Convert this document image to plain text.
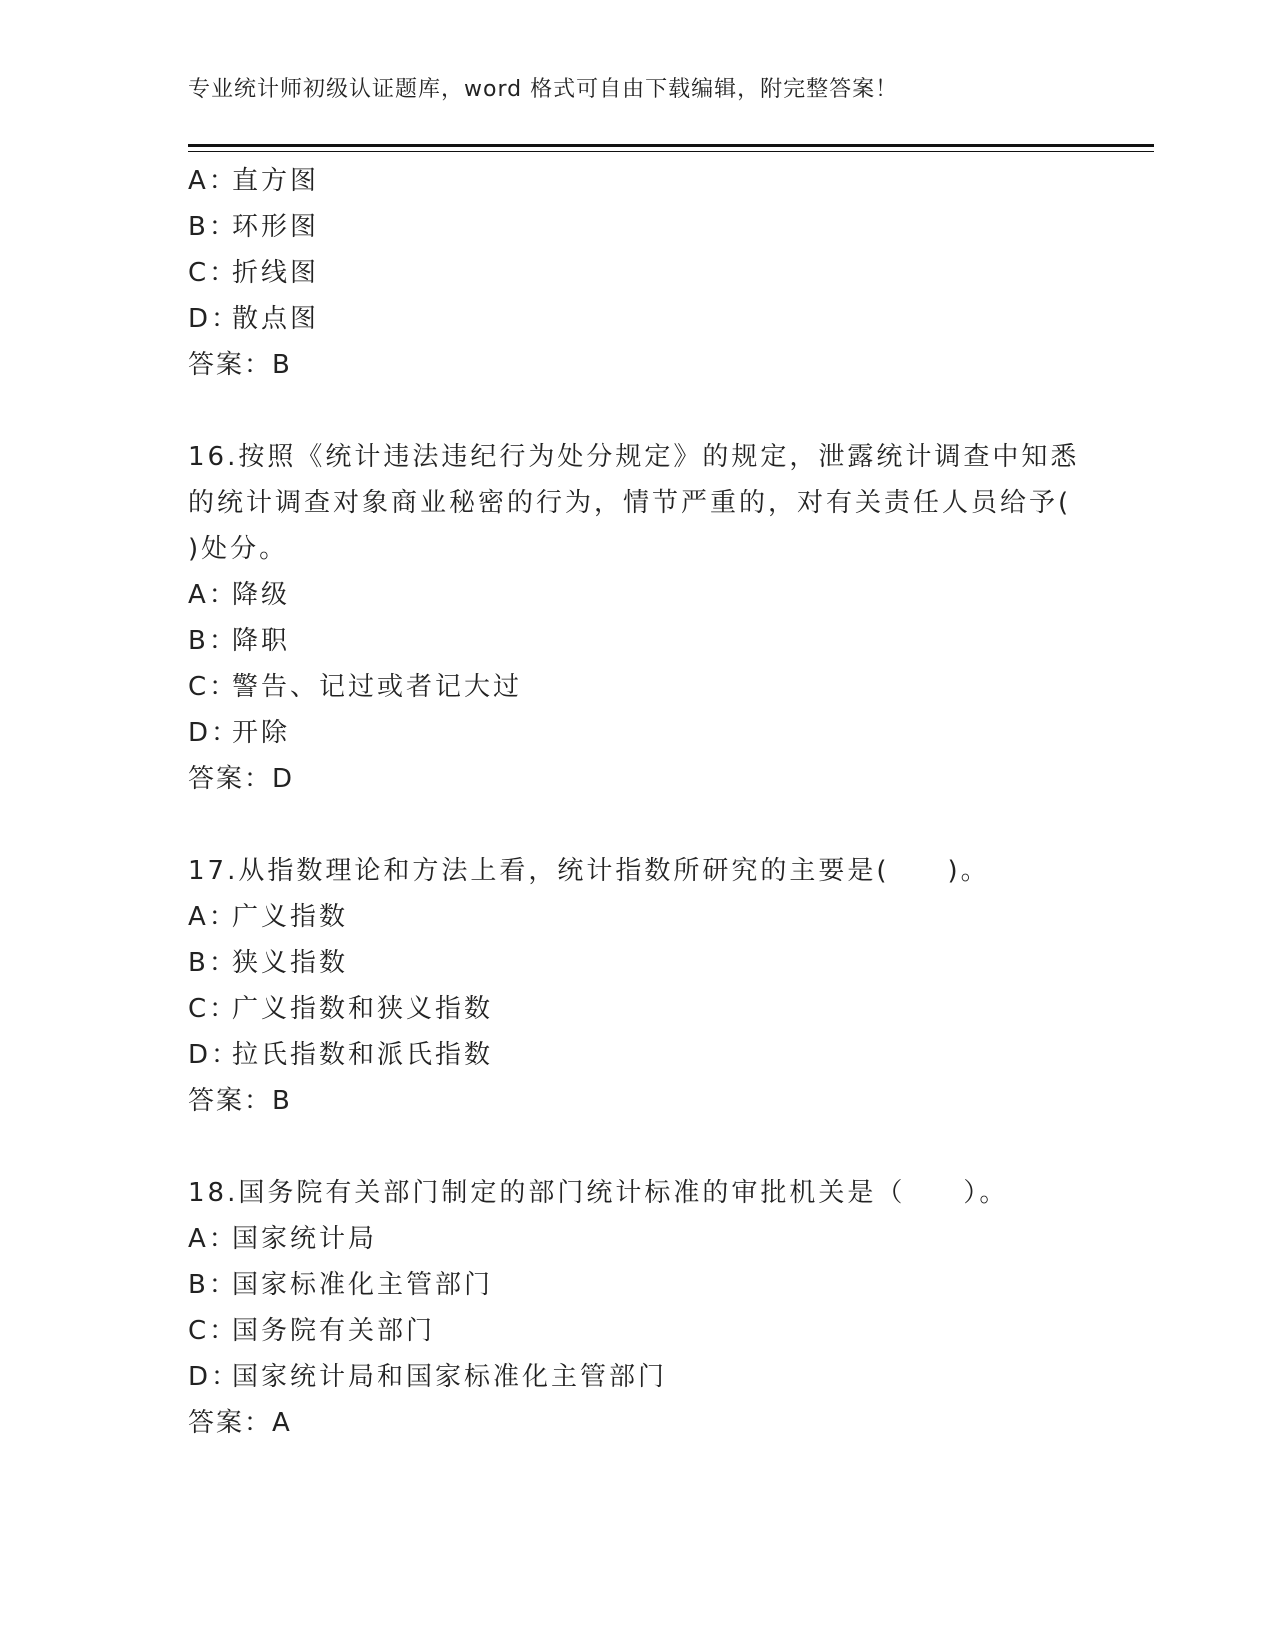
专业统计师初级认证题库，word 格式可自由下载编辑，附完整答案！
A：直方图
B：环形图
C：折线图
D：散点图
答案：B
16.按照《统计违法违纪行为处分规定》的规定，泄露统计调查中知悉
的统计调查对象商业秘密的行为，情节严重的，对有关责任人员给予(
)处分。
A：降级
B：降职
C：警告、记过或者记大过
D：开除
答案：D
17.从指数理论和方法上看，统计指数所研究的主要是(　　)。
A：广义指数
B：狭义指数
C：广义指数和狭义指数
D：拉氏指数和派氏指数
答案：B
18.国务院有关部门制定的部门统计标准的审批机关是（　　）。
A：国家统计局
B：国家标准化主管部门
C：国务院有关部门
D：国家统计局和国家标准化主管部门
答案：A
